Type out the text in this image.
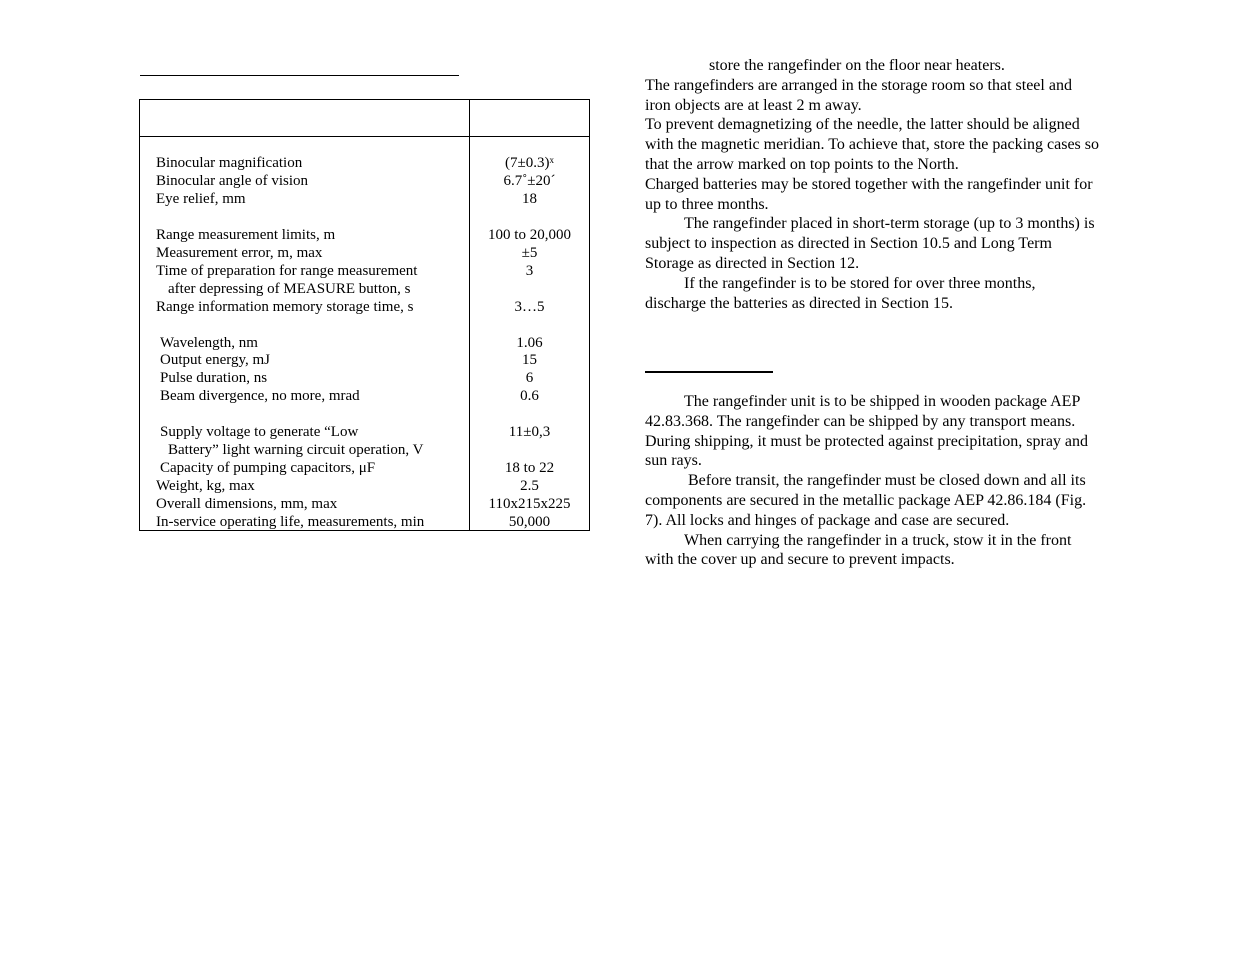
Binocular magnification	$(7\pm 0.3)^x$
Binocular angle of vision	6.7˚±20´
Eye relief, mm	18
Range measurement limits, m	100 to 20,000
Measurement error, m, max	±5
Time of preparation for range measurement	3
after depressing of MEASURE button, s
Range information memory storage time, s	3…5
Wavelength, nm	1.06
Output energy, mJ	15
Pulse duration, ns	6
Beam divergence, no more, mrad	0.6
Supply voltage to generate “Low	11±0,3
Battery” light warning circuit operation, V
Capacity of pumping capacitors, μF	18 to 22
Weight, kg, max	2.5
Overall dimensions, mm, max	110x215x225
In-service operating life, measurements, min	50,000

store the rangefinder on the floor near heaters.

The rangefinders are arranged in the storage room so that steel and iron objects are at least 2 m away.

To prevent demagnetizing of the needle, the latter should be aligned with the magnetic meridian. To achieve that, store the packing cases so that the arrow marked on top points to the North.

Charged batteries may be stored together with the rangefinder unit for up to three months.

The rangefinder placed in short-term storage (up to 3 months) is subject to inspection as directed in Section 10.5 and Long Term Storage as directed in Section 12.

If the rangefinder is to be stored for over three months, discharge the batteries as directed in Section 15.

The rangefinder unit is to be shipped in wooden package AEP 42.83.368. The rangefinder can be shipped by any transport means. During shipping, it must be protected against precipitation, spray and sun rays.

Before transit, the rangefinder must be closed down and all its components are secured in the metallic package AEP 42.86.184 (Fig. 7). All locks and hinges of package and case are secured.

When carrying the rangefinder in a truck, stow it in the front with the cover up and secure to prevent impacts.
